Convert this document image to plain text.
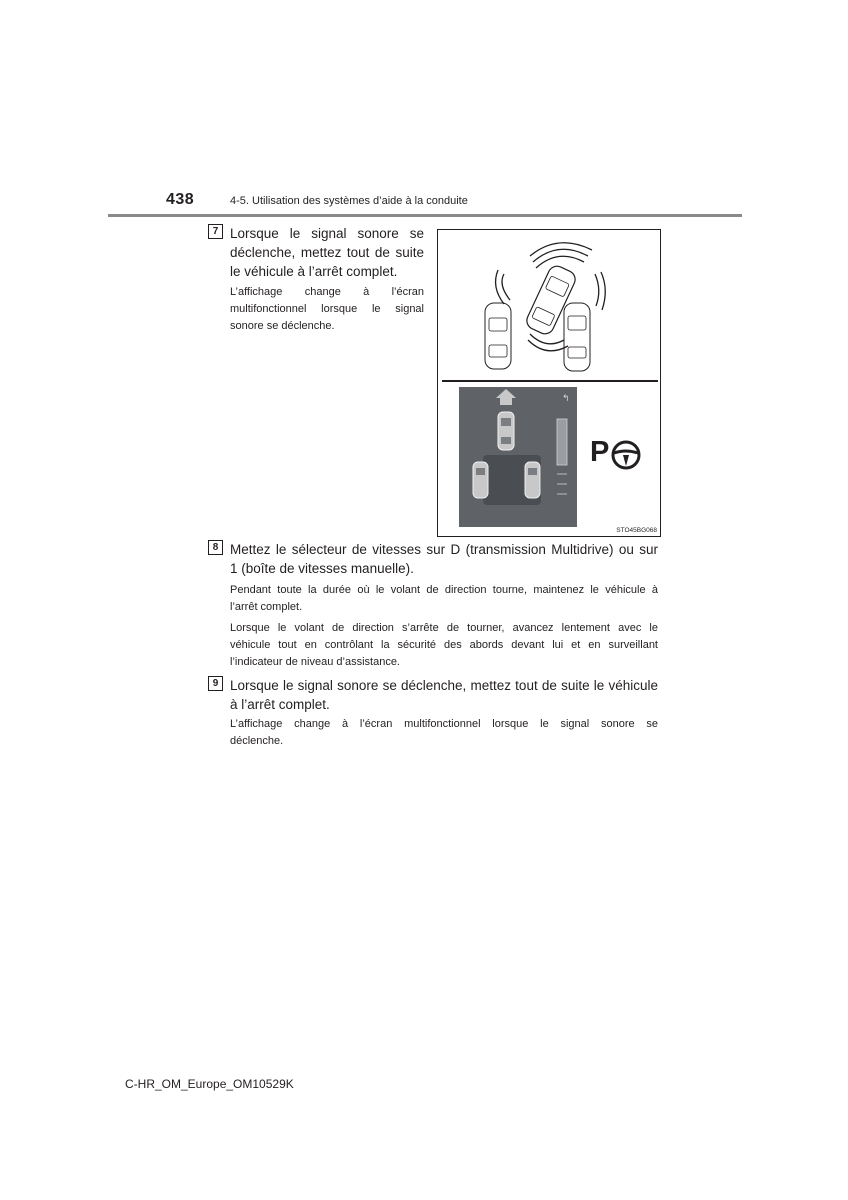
438	4-5. Utilisation des systèmes d’aide à la conduite
7 Lorsque le signal sonore se
déclenche, mettez tout de suite
le véhicule à l’arrêt complet.
L’affichage change à l’écran
multifonctionnel lorsque le signal
sonore se déclenche.
↰
P
STO45BG068
8 Mettez le sélecteur de vitesses sur D (transmission Multidrive) ou sur
1 (boîte de vitesses manuelle).
Pendant toute la durée où le volant de direction tourne, maintenez le véhicule à
l’arrêt complet.
Lorsque le volant de direction s’arrête de tourner, avancez lentement avec le
véhicule tout en contrôlant la sécurité des abords devant lui et en surveillant
l’indicateur de niveau d’assistance.
9 Lorsque le signal sonore se déclenche, mettez tout de suite le véhicule
à l’arrêt complet.
L’affichage change à l’écran multifonctionnel lorsque le signal sonore se
déclenche.
C-HR_OM_Europe_OM10529K
